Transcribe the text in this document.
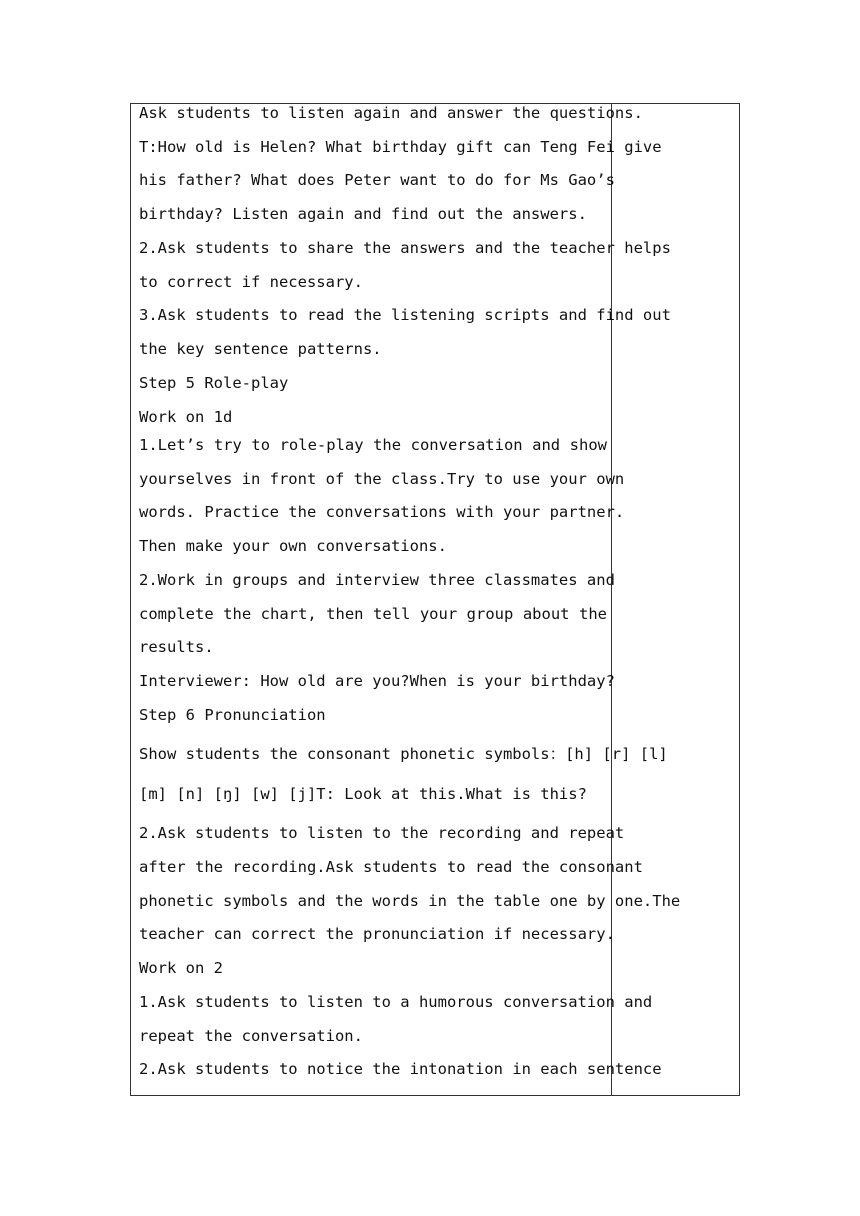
Ask students to listen again and answer the questions.
T:How old is Helen? What birthday gift can Teng Fei give
his father? What does Peter want to do for Ms Gao’s
birthday? Listen again and find out the answers.
2.Ask students to share the answers and the teacher helps
to correct if necessary.
3.Ask students to read the listening scripts and find out
the key sentence patterns.
Step 5 Role-play
Work on 1d
1.Let’s try to role-play the conversation and show
yourselves in front of the class.Try to use your own
words. Practice the conversations with your partner.
Then make your own conversations.
2.Work in groups and interview three classmates and
complete the chart, then tell your group about the
results.
Interviewer: How old are you?When is your birthday?
Step 6 Pronunciation
Show students the consonant phonetic symbols：[h] [r] [l]
[m] [n] [ŋ] [w] [j]T: Look at this.What is this?
2.Ask students to listen to the recording and repeat
after the recording.Ask students to read the consonant
phonetic symbols and the words in the table one by one.The
teacher can correct the pronunciation if necessary.
Work on 2
1.Ask students to listen to a humorous conversation and
repeat the conversation.
2.Ask students to notice the intonation in each sentence
